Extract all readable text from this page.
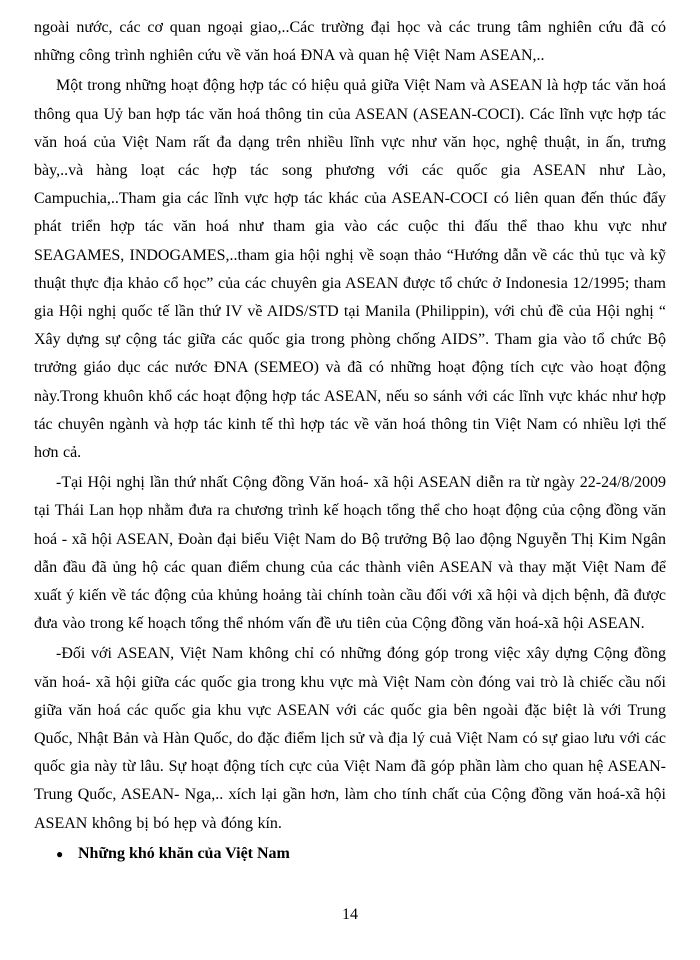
ngoài nước, các cơ quan ngoại giao,..Các trường đại học và các trung tâm nghiên cứu đã có những công trình nghiên cứu về văn hoá ĐNA và quan hệ Việt Nam ASEAN,..

Một trong những hoạt động hợp tác có hiệu quả giữa Việt Nam và ASEAN là hợp tác văn hoá thông qua Uỷ ban hợp tác văn hoá thông tin của ASEAN (ASEAN-COCI). Các lĩnh vực hợp tác văn hoá của Việt Nam rất đa dạng trên nhiều lĩnh vực như văn học, nghệ thuật, in ấn, trưng bày,..và hàng loạt các hợp tác song phương với các quốc gia ASEAN như Lào, Campuchia,..Tham gia các lĩnh vực hợp tác khác của ASEAN-COCI có liên quan đến thúc đẩy phát triển hợp tác văn hoá như tham gia vào các cuộc thi đấu thể thao khu vực như SEAGAMES, INDOGAMES,..tham gia hội nghị về soạn thảo “Hướng dẫn về các thủ tục và kỹ thuật thực địa khảo cổ học” của các chuyên gia ASEAN được tổ chức ở Indonesia 12/1995; tham gia Hội nghị quốc tế lần thứ IV về AIDS/STD tại Manila (Philippin), với chủ đề của Hội nghị “ Xây dựng sự cộng tác giữa các quốc gia trong phòng chống AIDS”. Tham gia vào tổ chức Bộ trưởng giáo dục các nước ĐNA (SEMEO) và đã có những hoạt động tích cực vào hoạt động này.Trong khuôn khổ các hoạt động hợp tác ASEAN, nếu so sánh với các lĩnh vực khác như hợp tác chuyên ngành và hợp tác kinh tế thì hợp tác về văn hoá thông tin Việt Nam có nhiều lợi thế hơn cả.

-Tại Hội nghị lần thứ nhất Cộng đồng Văn hoá- xã hội ASEAN diễn ra từ ngày 22-24/8/2009 tại Thái Lan họp nhằm đưa ra chương trình kế hoạch tổng thể cho hoạt động của cộng đồng văn hoá - xã hội ASEAN, Đoàn đại biểu Việt Nam do Bộ trưởng Bộ lao động Nguyễn Thị Kim Ngân dẫn đầu đã ủng hộ các quan điểm chung của các thành viên ASEAN và thay mặt Việt Nam để xuất ý kiến về tác động của khủng hoảng tài chính toàn cầu đối với xã hội và dịch bệnh, đã được đưa vào trong kế hoạch tổng thể nhóm vấn đề ưu tiên của Cộng đồng văn hoá-xã hội ASEAN.

-Đối với ASEAN, Việt Nam không chỉ có những đóng góp trong việc xây dựng Cộng đồng văn hoá- xã hội giữa các quốc gia trong khu vực mà Việt Nam còn đóng vai trò là chiếc cầu nối giữa văn hoá các quốc gia khu vực ASEAN với các quốc gia bên ngoài đặc biệt là với Trung Quốc, Nhật Bản và Hàn Quốc, do đặc điểm lịch sử và địa lý cuả Việt Nam có sự giao lưu với các quốc gia này từ lâu. Sự hoạt động tích cực của Việt Nam đã góp phần làm cho quan hệ ASEAN-Trung Quốc, ASEAN- Nga,.. xích lại gần hơn, làm cho tính chất của Cộng đồng văn hoá-xã hội ASEAN không bị bó hẹp và đóng kín.

● Những khó khăn của Việt Nam
14
